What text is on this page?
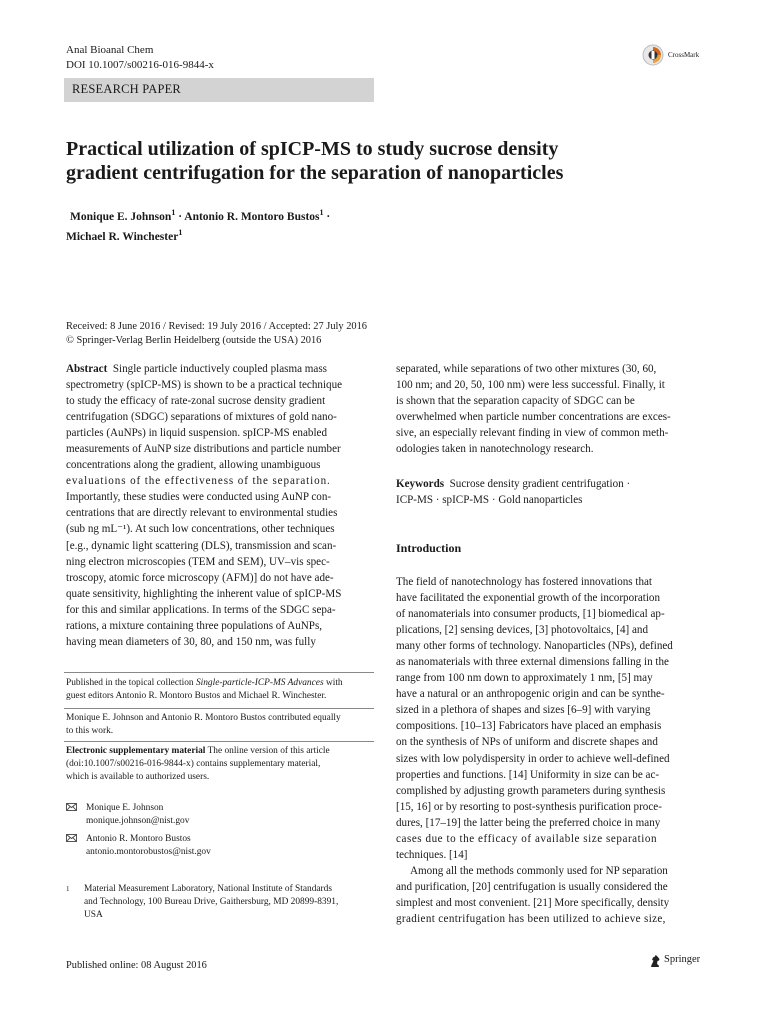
Anal Bioanal Chem
DOI 10.1007/s00216-016-9844-x
CrossMark
RESEARCH PAPER
Practical utilization of spICP-MS to study sucrose density
gradient centrifugation for the separation of nanoparticles
Monique E. Johnson$^1$ · Antonio R. Montoro Bustos$^1$ ·
Michael R. Winchester$^1$
Received: 8 June 2016 / Revised: 19 July 2016 / Accepted: 27 July 2016
© Springer-Verlag Berlin Heidelberg (outside the USA) 2016
Abstract Single particle inductively coupled plasma mass
spectrometry (spICP-MS) is shown to be a practical technique
to study the efficacy of rate-zonal sucrose density gradient
centrifugation (SDGC) separations of mixtures of gold nano-
particles (AuNPs) in liquid suspension. spICP-MS enabled
measurements of AuNP size distributions and particle number
concentrations along the gradient, allowing unambiguous
evaluations of the effectiveness of the separation.
Importantly, these studies were conducted using AuNP con-
centrations that are directly relevant to environmental studies
(sub ng mL⁻¹). At such low concentrations, other techniques
[e.g., dynamic light scattering (DLS), transmission and scan-
ning electron microscopies (TEM and SEM), UV–vis spec-
troscopy, atomic force microscopy (AFM)] do not have ade-
quate sensitivity, highlighting the inherent value of spICP-MS
for this and similar applications. In terms of the SDGC sepa-
rations, a mixture containing three populations of AuNPs,
having mean diameters of 30, 80, and 150 nm, was fully
separated, while separations of two other mixtures (30, 60,
100 nm; and 20, 50, 100 nm) were less successful. Finally, it
is shown that the separation capacity of SDGC can be
overwhelmed when particle number concentrations are exces-
sive, an especially relevant finding in view of common meth-
odologies taken in nanotechnology research.
Keywords Sucrose density gradient centrifugation ·
ICP-MS · spICP-MS · Gold nanoparticles
Introduction
The field of nanotechnology has fostered innovations that
have facilitated the exponential growth of the incorporation
of nanomaterials into consumer products, [1] biomedical ap-
plications, [2] sensing devices, [3] photovoltaics, [4] and
many other forms of technology. Nanoparticles (NPs), defined
as nanomaterials with three external dimensions falling in the
range from 100 nm down to approximately 1 nm, [5] may
have a natural or an anthropogenic origin and can be synthe-
sized in a plethora of shapes and sizes [6–9] with varying
compositions. [10–13] Fabricators have placed an emphasis
on the synthesis of NPs of uniform and discrete shapes and
sizes with low polydispersity in order to achieve well-defined
properties and functions. [14] Uniformity in size can be ac-
complished by adjusting growth parameters during synthesis
[15, 16] or by resorting to post-synthesis purification proce-
dures, [17–19] the latter being the preferred choice in many
cases due to the efficacy of available size separation
techniques. [14]
Among all the methods commonly used for NP separation
and purification, [20] centrifugation is usually considered the
simplest and most convenient. [21] More specifically, density
gradient centrifugation has been utilized to achieve size,
Published in the topical collection Single-particle-ICP-MS Advances with
guest editors Antonio R. Montoro Bustos and Michael R. Winchester.
Monique E. Johnson and Antonio R. Montoro Bustos contributed equally
to this work.
Electronic supplementary material The online version of this article
(doi:10.1007/s00216-016-9844-x) contains supplementary material,
which is available to authorized users.
Monique E. Johnson
monique.johnson@nist.gov
Antonio R. Montoro Bustos
antonio.montorobustos@nist.gov
1 Material Measurement Laboratory, National Institute of Standards
and Technology, 100 Bureau Drive, Gaithersburg, MD 20899-8391,
USA
Published online: 08 August 2016
Springer
